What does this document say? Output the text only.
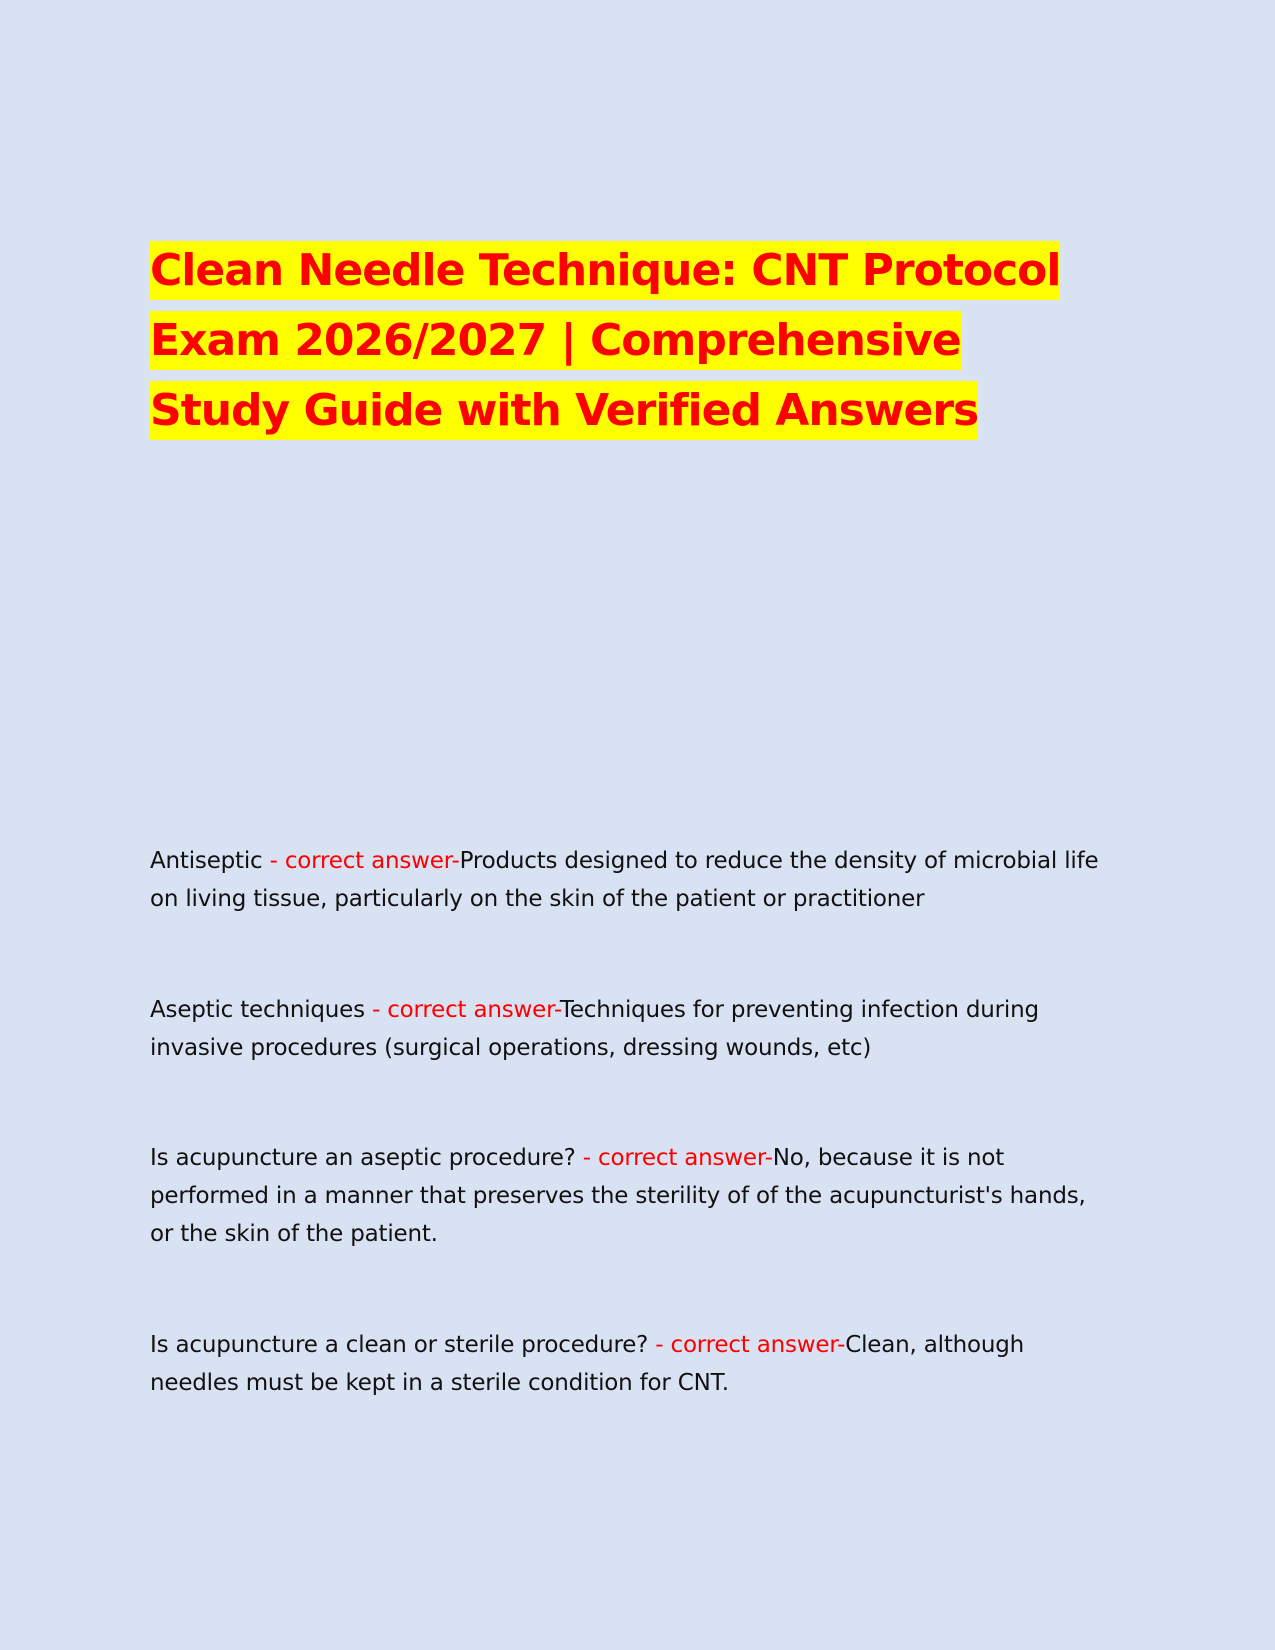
Clean Needle Technique: CNT Protocol Exam 2026/2027 | Comprehensive Study Guide with Verified Answers

Antiseptic - correct answer-Products designed to reduce the density of microbial life on living tissue, particularly on the skin of the patient or practitioner

Aseptic techniques - correct answer-Techniques for preventing infection during invasive procedures (surgical operations, dressing wounds, etc)

Is acupuncture an aseptic procedure? - correct answer-No, because it is not performed in a manner that preserves the sterility of of the acupuncturist's hands, or the skin of the patient.

Is acupuncture a clean or sterile procedure? - correct answer-Clean, although needles must be kept in a sterile condition for CNT.
